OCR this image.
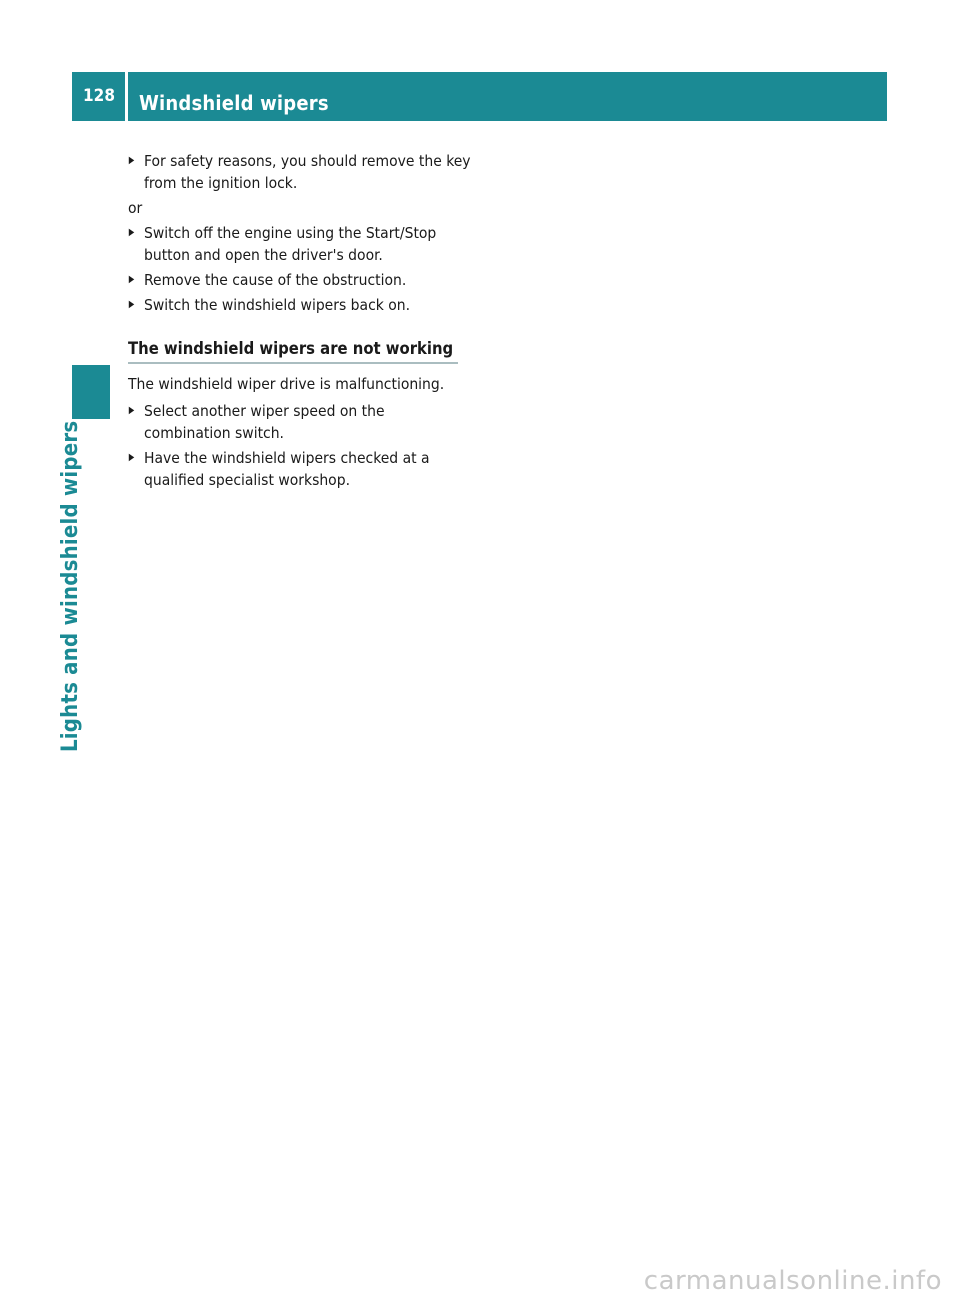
128	Windshield wipers
Lights and windshield wipers
▶ For safety reasons, you should remove the key from the ignition lock.
or
▶ Switch off the engine using the Start/Stop button and open the driver's door.
▶ Remove the cause of the obstruction.
▶ Switch the windshield wipers back on.
The windshield wipers are not working
The windshield wiper drive is malfunctioning.
▶ Select another wiper speed on the combination switch.
▶ Have the windshield wipers checked at a qualified specialist workshop.
carmanualsonline.info
